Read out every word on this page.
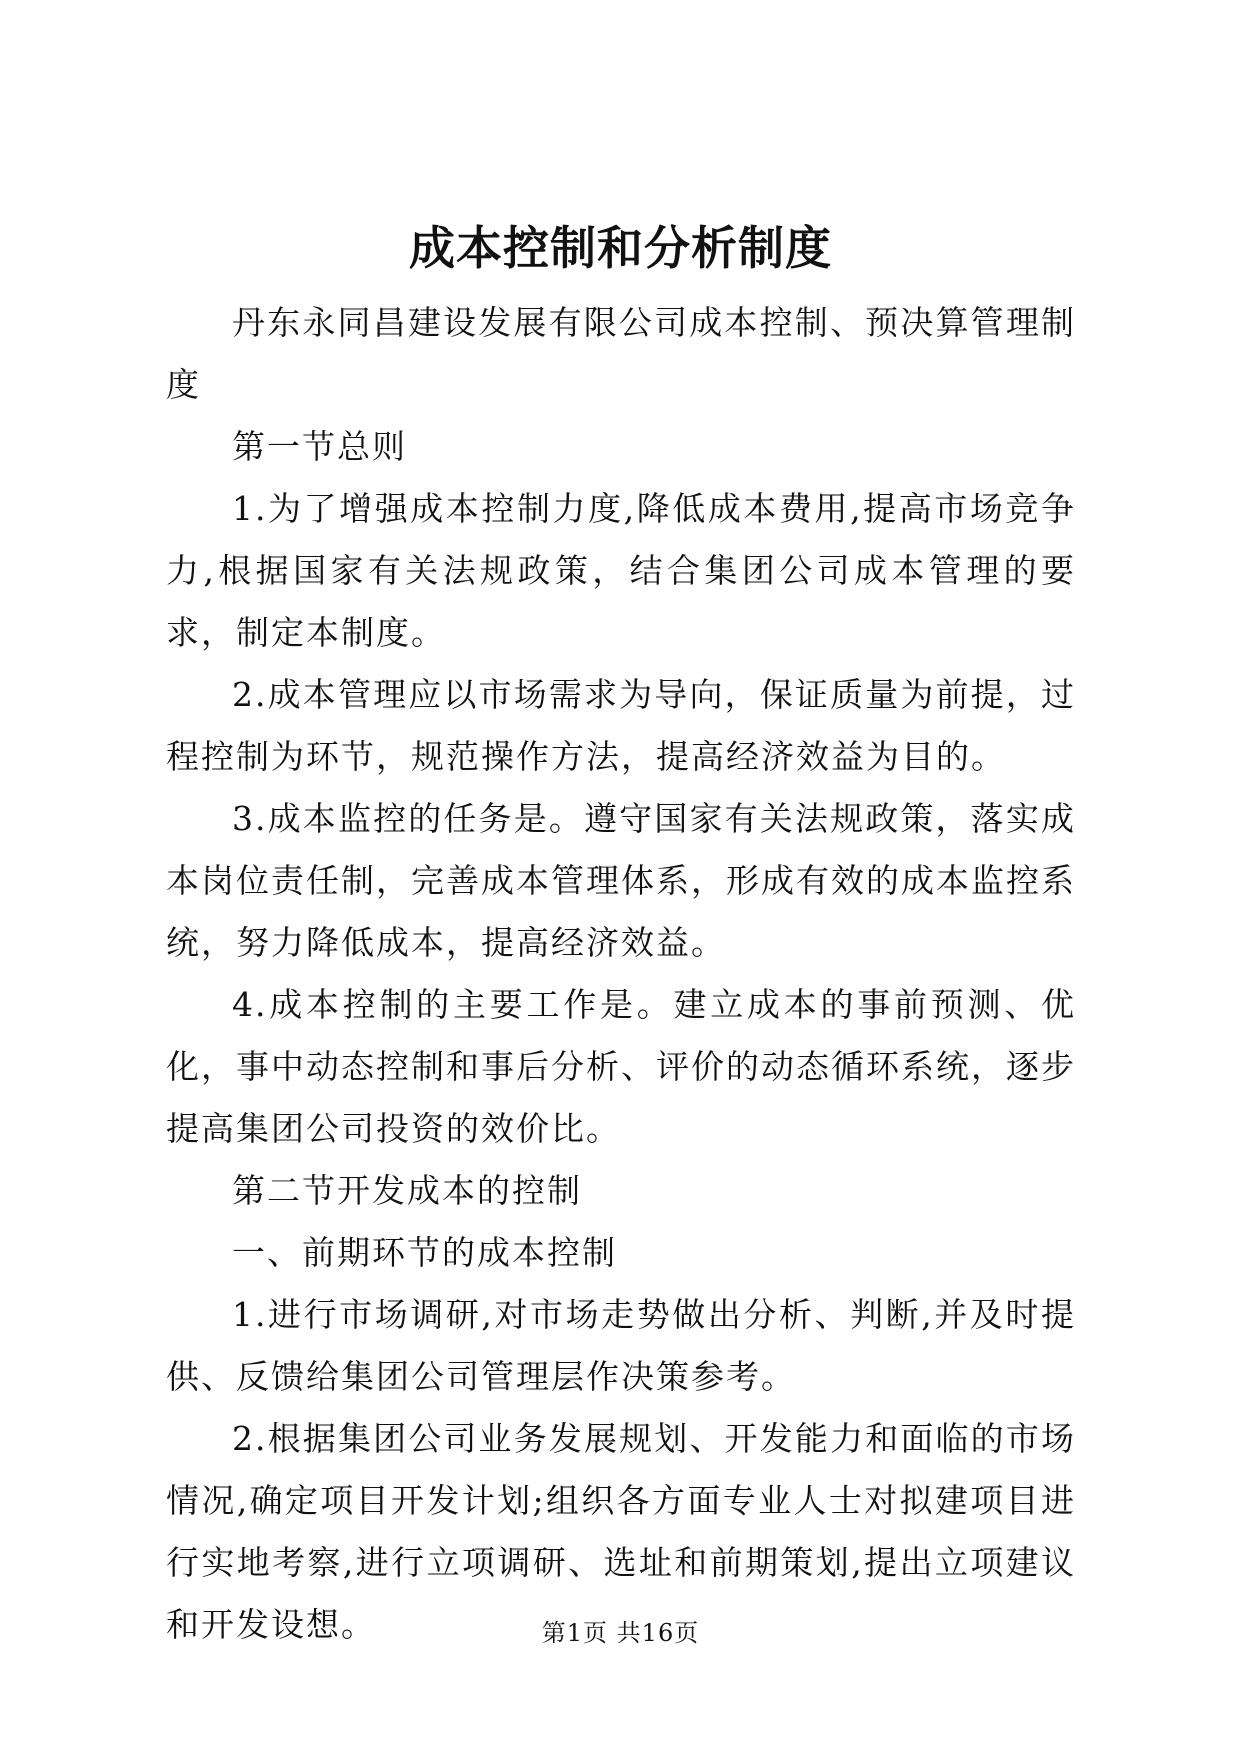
成本控制和分析制度

丹东永同昌建设发展有限公司成本控制、预决算管理制度

第一节总则

1.为了增强成本控制力度,降低成本费用,提高市场竞争力,根据国家有关法规政策，结合集团公司成本管理的要求，制定本制度。

2.成本管理应以市场需求为导向，保证质量为前提，过程控制为环节，规范操作方法，提高经济效益为目的。

3.成本监控的任务是。遵守国家有关法规政策，落实成本岗位责任制，完善成本管理体系，形成有效的成本监控系统，努力降低成本，提高经济效益。

4.成本控制的主要工作是。建立成本的事前预测、优化，事中动态控制和事后分析、评价的动态循环系统，逐步提高集团公司投资的效价比。

第二节开发成本的控制

一、前期环节的成本控制

1.进行市场调研,对市场走势做出分析、判断,并及时提供、反馈给集团公司管理层作决策参考。

2.根据集团公司业务发展规划、开发能力和面临的市场情况,确定项目开发计划;组织各方面专业人士对拟建项目进行实地考察,进行立项调研、选址和前期策划,提出立项建议和开发设想。	第1页 共16页
